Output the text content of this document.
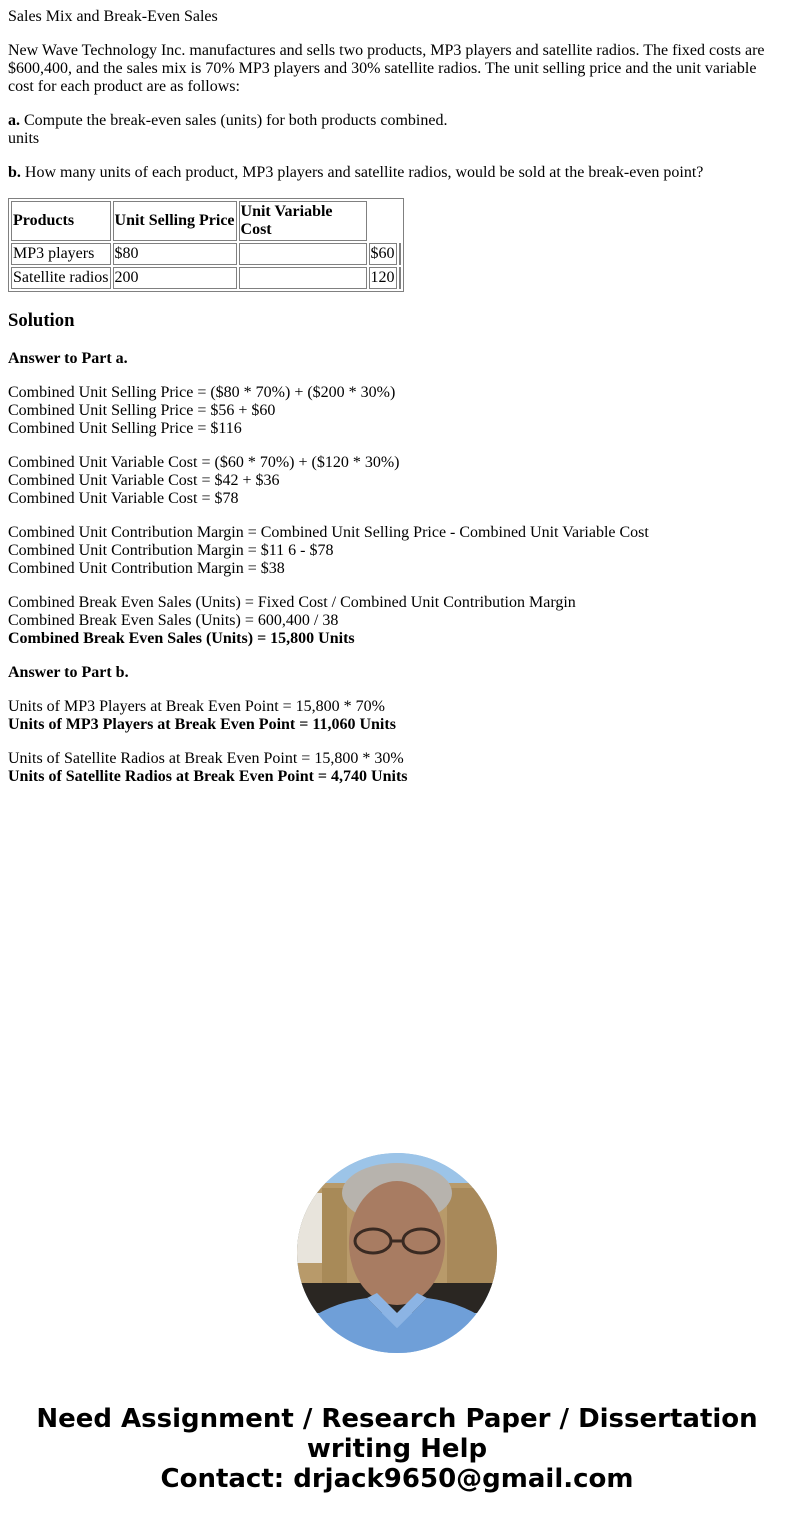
Sales Mix and Break-Even Sales

New Wave Technology Inc. manufactures and sells two products, MP3 players and satellite radios. The fixed costs are $600,400, and the sales mix is 70% MP3 players and 30% satellite radios. The unit selling price and the unit variable cost for each product are as follows:

a. Compute the break-even sales (units) for both products combined.
units

b. How many units of each product, MP3 players and satellite radios, would be sold at the break-even point?

Products	Unit Selling Price	Unit Variable Cost		
MP3 players	$80		$60	
Satellite radios	200		120	
Solution

Answer to Part a.

Combined Unit Selling Price = ($80 * 70%) + ($200 * 30%)
Combined Unit Selling Price = $56 + $60
Combined Unit Selling Price = $116

Combined Unit Variable Cost = ($60 * 70%) + ($120 * 30%)
Combined Unit Variable Cost = $42 + $36
Combined Unit Variable Cost = $78

Combined Unit Contribution Margin = Combined Unit Selling Price - Combined Unit Variable Cost
Combined Unit Contribution Margin = $11 6 - $78
Combined Unit Contribution Margin = $38

Combined Break Even Sales (Units) = Fixed Cost / Combined Unit Contribution Margin
Combined Break Even Sales (Units) = 600,400 / 38
Combined Break Even Sales (Units) = 15,800 Units

Answer to Part b.

Units of MP3 Players at Break Even Point = 15,800 * 70%
Units of MP3 Players at Break Even Point = 11,060 Units

Units of Satellite Radios at Break Even Point = 15,800 * 30%
Units of Satellite Radios at Break Even Point = 4,740 Units

Need Assignment / Research Paper / Dissertation
writing Help
Contact: drjack9650@gmail.com
